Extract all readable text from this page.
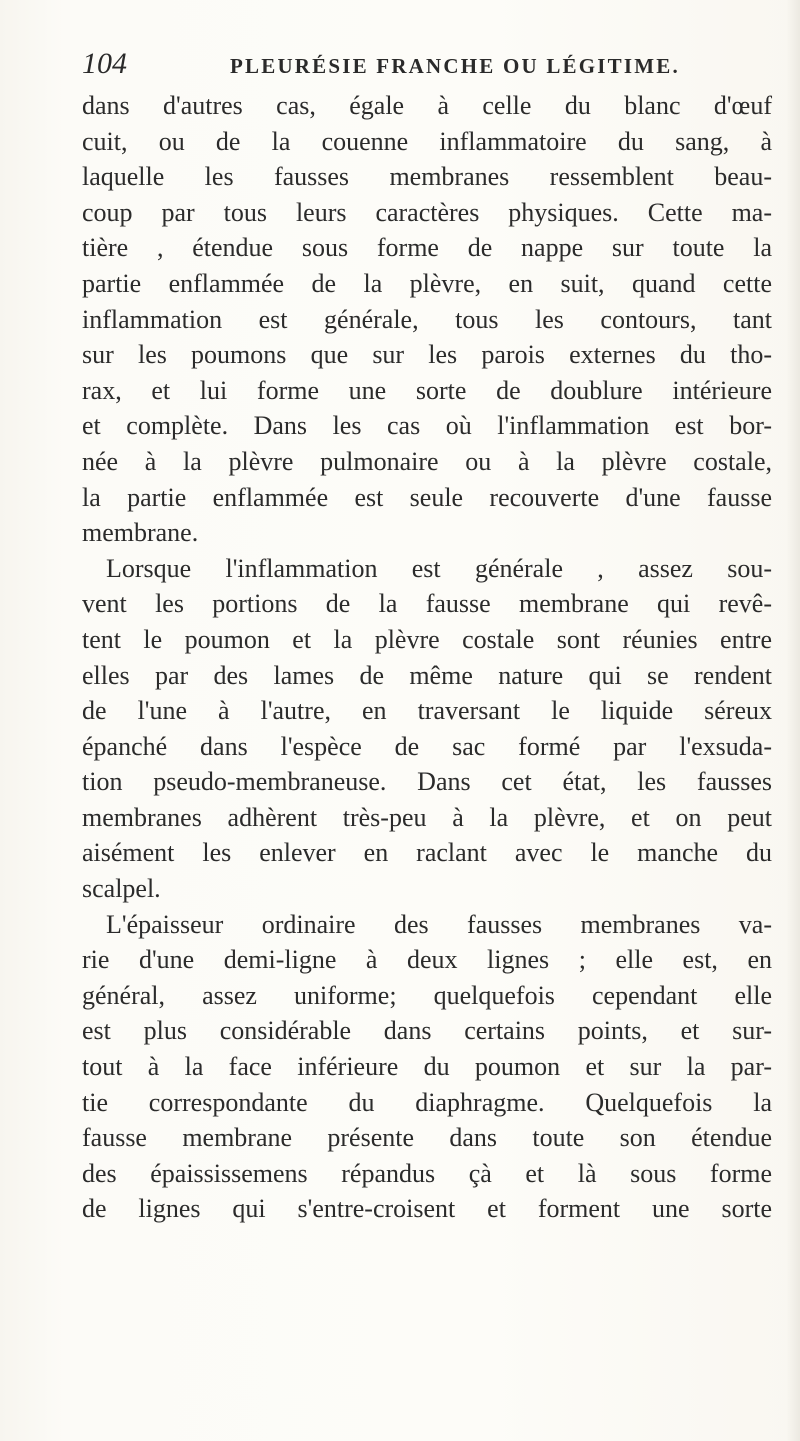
104	PLEURÉSIE FRANCHE OU LÉGITIME.
dans d'autres cas, égale à celle du blanc d'œuf
cuit, ou de la couenne inflammatoire du sang, à
laquelle les fausses membranes ressemblent beau-
coup par tous leurs caractères physiques. Cette ma-
tière , étendue sous forme de nappe sur toute la
partie enflammée de la plèvre, en suit, quand cette
inflammation est générale, tous les contours, tant
sur les poumons que sur les parois externes du tho-
rax, et lui forme une sorte de doublure intérieure
et complète. Dans les cas où l'inflammation est bor-
née à la plèvre pulmonaire ou à la plèvre costale,
la partie enflammée est seule recouverte d'une fausse
membrane.
Lorsque l'inflammation est générale , assez sou-
vent les portions de la fausse membrane qui revê-
tent le poumon et la plèvre costale sont réunies entre
elles par des lames de même nature qui se rendent
de l'une à l'autre, en traversant le liquide séreux
épanché dans l'espèce de sac formé par l'exsuda-
tion pseudo-membraneuse. Dans cet état, les fausses
membranes adhèrent très-peu à la plèvre, et on peut
aisément les enlever en raclant avec le manche du
scalpel.
L'épaisseur ordinaire des fausses membranes va-
rie d'une demi-ligne à deux lignes ; elle est, en
général, assez uniforme; quelquefois cependant elle
est plus considérable dans certains points, et sur-
tout à la face inférieure du poumon et sur la par-
tie correspondante du diaphragme. Quelquefois la
fausse membrane présente dans toute son étendue
des épaississemens répandus çà et là sous forme
de lignes qui s'entre-croisent et forment une sorte
